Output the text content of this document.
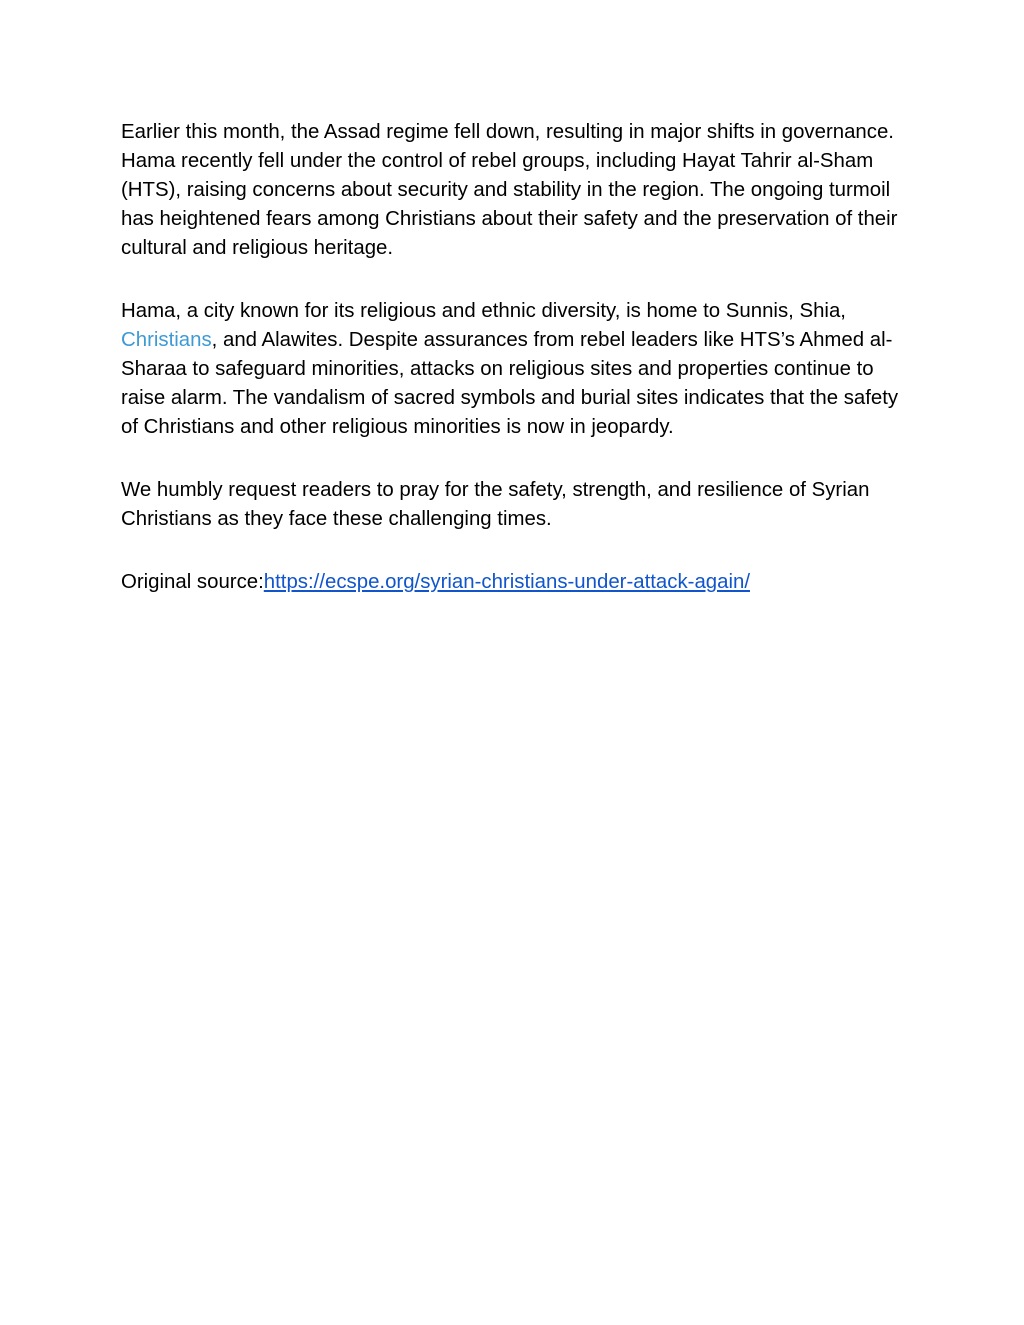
Earlier this month, the Assad regime fell down, resulting in major shifts in governance. Hama recently fell under the control of rebel groups, including Hayat Tahrir al-Sham (HTS), raising concerns about security and stability in the region. The ongoing turmoil has heightened fears among Christians about their safety and the preservation of their cultural and religious heritage.

Hama, a city known for its religious and ethnic diversity, is home to Sunnis, Shia, Christians, and Alawites. Despite assurances from rebel leaders like HTS’s Ahmed al-Sharaa to safeguard minorities, attacks on religious sites and properties continue to raise alarm. The vandalism of sacred symbols and burial sites indicates that the safety of Christians and other religious minorities is now in jeopardy.

We humbly request readers to pray for the safety, strength, and resilience of Syrian Christians as they face these challenging times.

Original source:https://ecspe.org/syrian-christians-under-attack-again/
